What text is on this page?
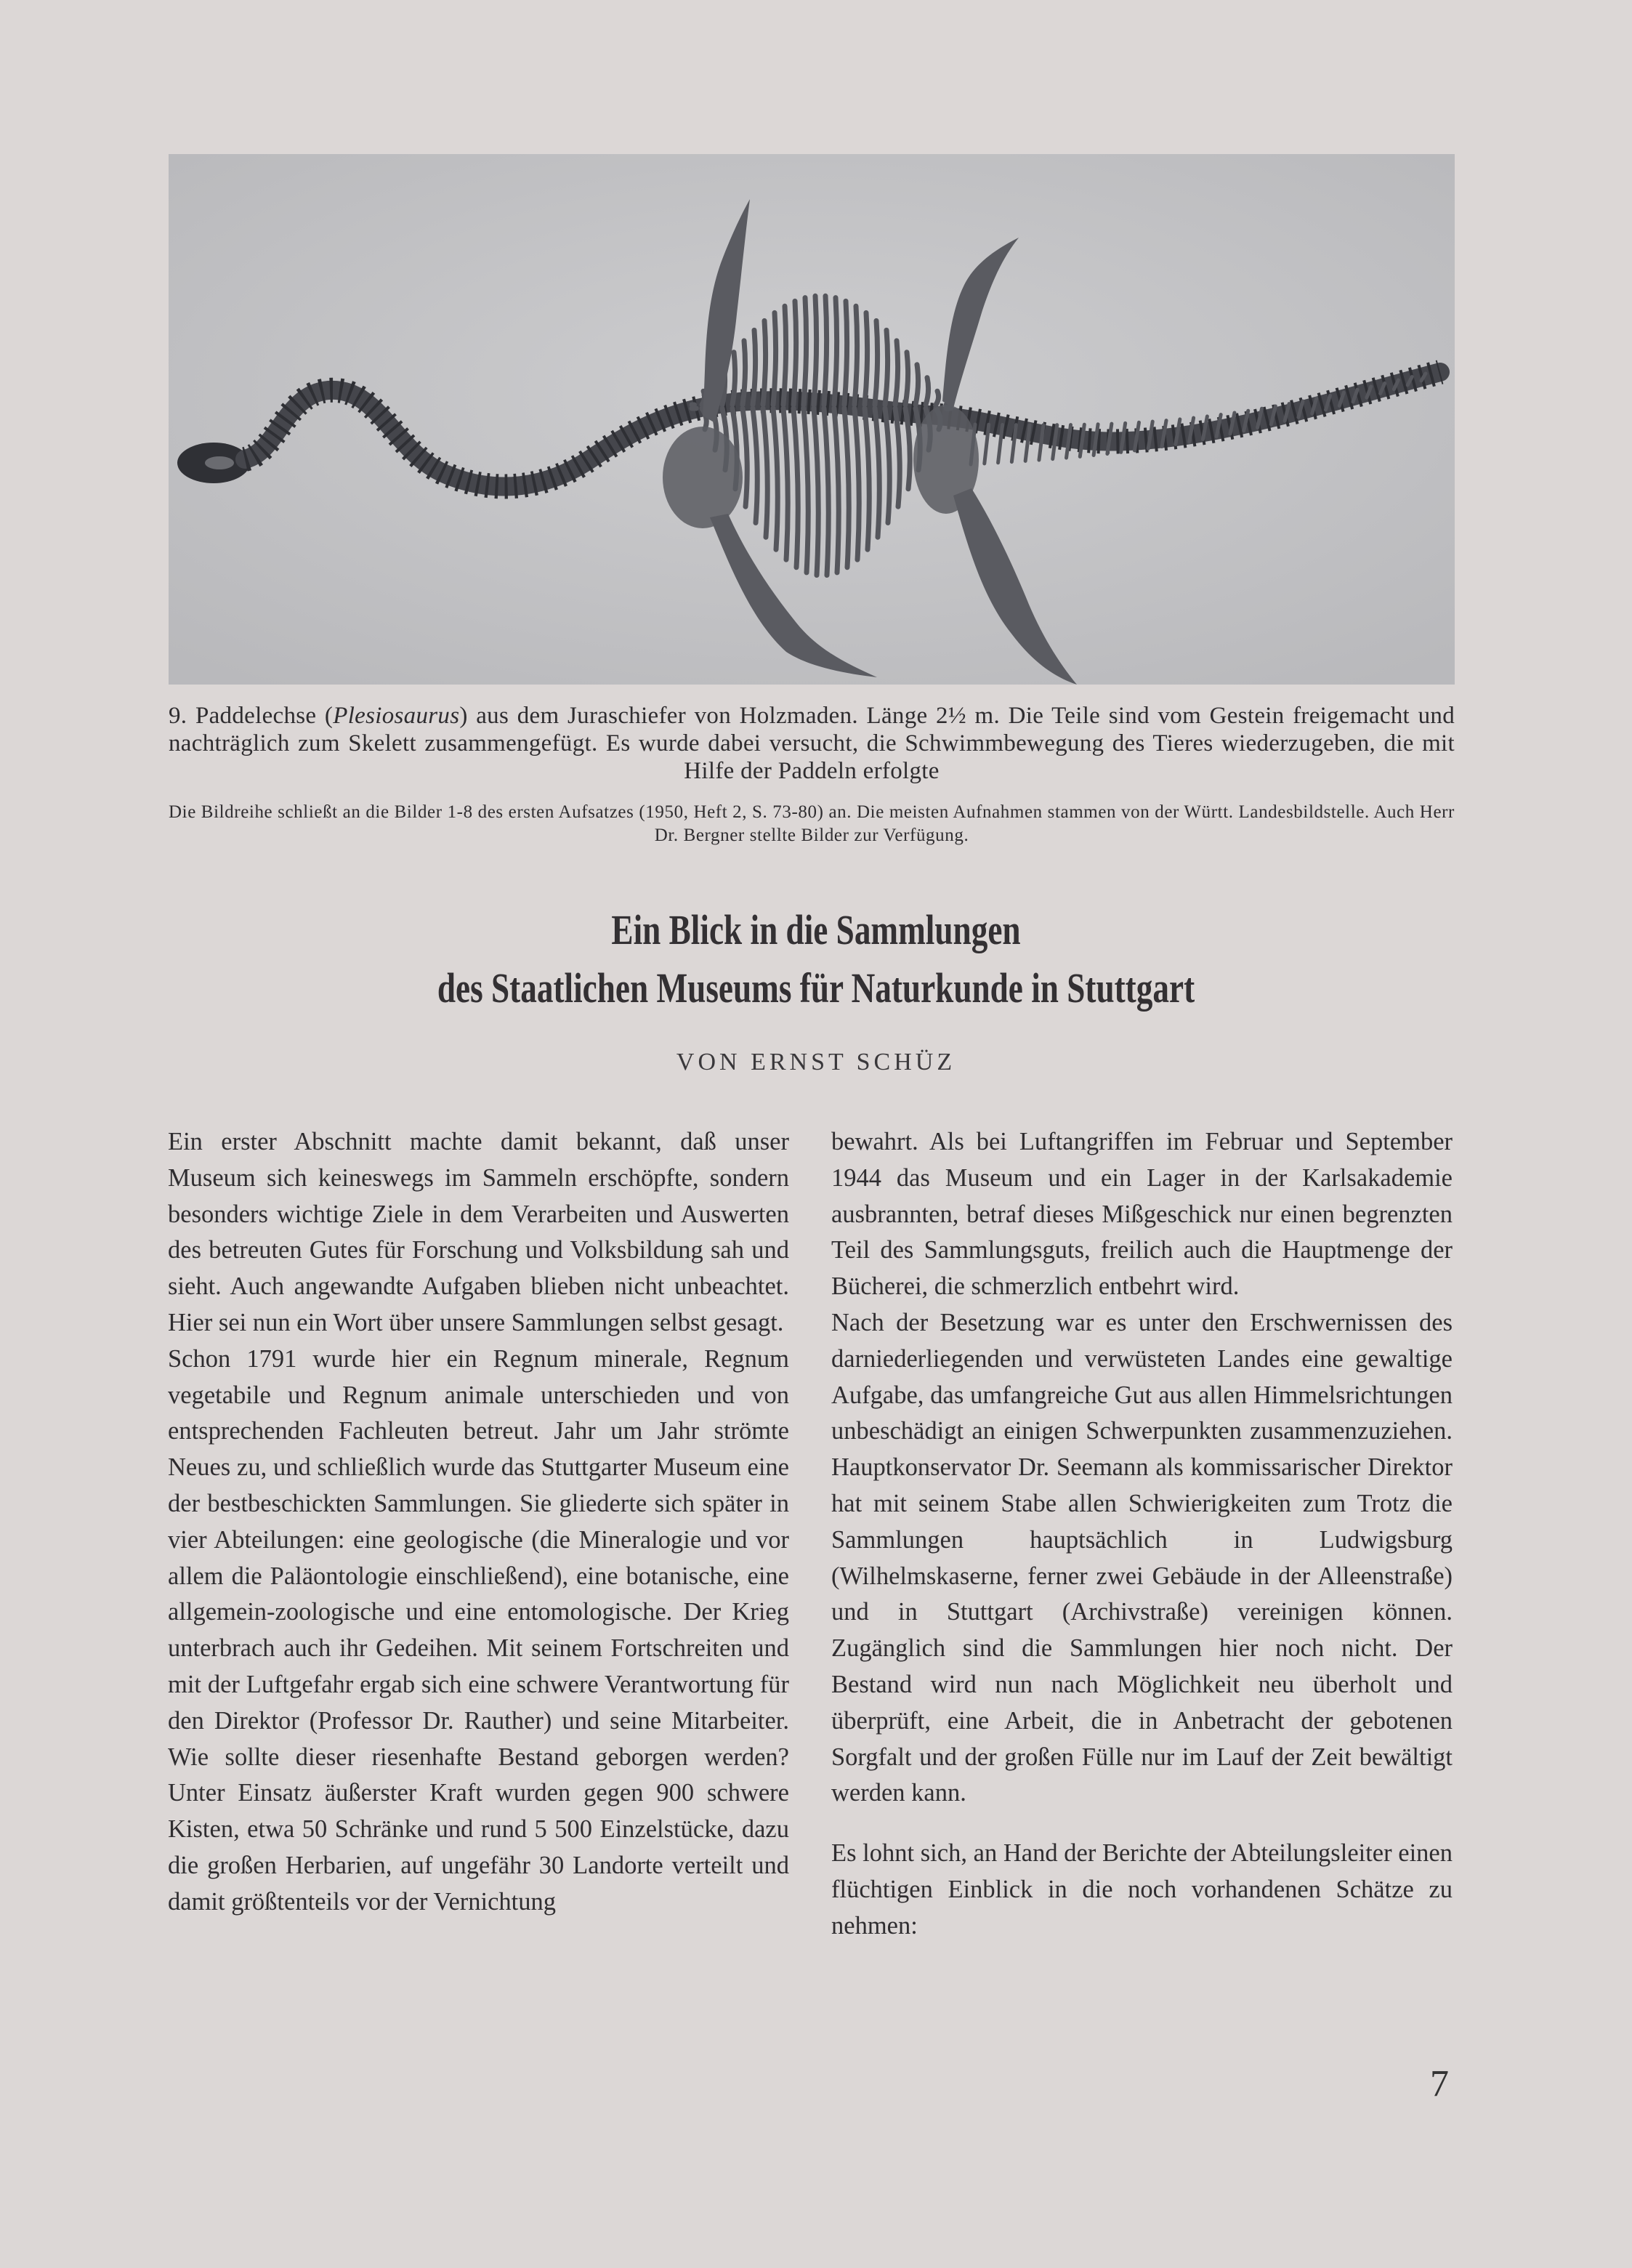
9. Paddelechse (Plesiosaurus) aus dem Juraschiefer von Holzmaden. Länge 2½ m. Die Teile sind vom Gestein freigemacht und nachträglich zum Skelett zusammengefügt. Es wurde dabei versucht, die Schwimmbewegung des Tieres wiederzugeben, die mit Hilfe der Paddeln erfolgte
Die Bildreihe schließt an die Bilder 1-8 des ersten Aufsatzes (1950, Heft 2, S. 73-80) an. Die meisten Aufnahmen stammen von der Württ. Landesbildstelle. Auch Herr Dr. Bergner stellte Bilder zur Verfügung.
Ein Blick in die Sammlungen
des Staatlichen Museums für Naturkunde in Stuttgart
VON ERNST SCHÜZ

Ein erster Abschnitt machte damit bekannt, daß unser Museum sich keineswegs im Sammeln erschöpfte, sondern besonders wichtige Ziele in dem Verarbeiten und Auswerten des betreuten Gutes für Forschung und Volksbildung sah und sieht. Auch angewandte Aufgaben blieben nicht unbeachtet. Hier sei nun ein Wort über unsere Sammlungen selbst gesagt.

Schon 1791 wurde hier ein Regnum minerale, Regnum vegetabile und Regnum animale unterschieden und von entsprechenden Fachleuten betreut. Jahr um Jahr strömte Neues zu, und schließlich wurde das Stuttgarter Museum eine der bestbeschickten Sammlungen. Sie gliederte sich später in vier Abteilungen: eine geologische (die Mineralogie und vor allem die Paläontologie einschließend), eine botanische, eine allgemein-zoologische und eine entomologische. Der Krieg unterbrach auch ihr Gedeihen. Mit seinem Fortschreiten und mit der Luftgefahr ergab sich eine schwere Verantwortung für den Direktor (Professor Dr. Rauther) und seine Mitarbeiter. Wie sollte dieser riesenhafte Bestand geborgen werden? Unter Einsatz äußerster Kraft wurden gegen 900 schwere Kisten, etwa 50 Schränke und rund 5 500 Einzelstücke, dazu die großen Herbarien, auf ungefähr 30 Landorte verteilt und damit größtenteils vor der Vernichtung

bewahrt. Als bei Luftangriffen im Februar und September 1944 das Museum und ein Lager in der Karlsakademie ausbrannten, betraf dieses Mißgeschick nur einen begrenzten Teil des Sammlungsguts, freilich auch die Hauptmenge der Bücherei, die schmerzlich entbehrt wird.

Nach der Besetzung war es unter den Erschwernissen des darniederliegenden und verwüsteten Landes eine gewaltige Aufgabe, das umfangreiche Gut aus allen Himmelsrichtungen unbeschädigt an einigen Schwerpunkten zusammenzuziehen. Hauptkonservator Dr. Seemann als kommissarischer Direktor hat mit seinem Stabe allen Schwierigkeiten zum Trotz die Sammlungen hauptsächlich in Ludwigsburg (Wilhelmskaserne, ferner zwei Gebäude in der Alleenstraße) und in Stuttgart (Archivstraße) vereinigen können. Zugänglich sind die Sammlungen hier noch nicht. Der Bestand wird nun nach Möglichkeit neu überholt und überprüft, eine Arbeit, die in Anbetracht der gebotenen Sorgfalt und der großen Fülle nur im Lauf der Zeit bewältigt werden kann.

Es lohnt sich, an Hand der Berichte der Abteilungsleiter einen flüchtigen Einblick in die noch vorhandenen Schätze zu nehmen:

7
